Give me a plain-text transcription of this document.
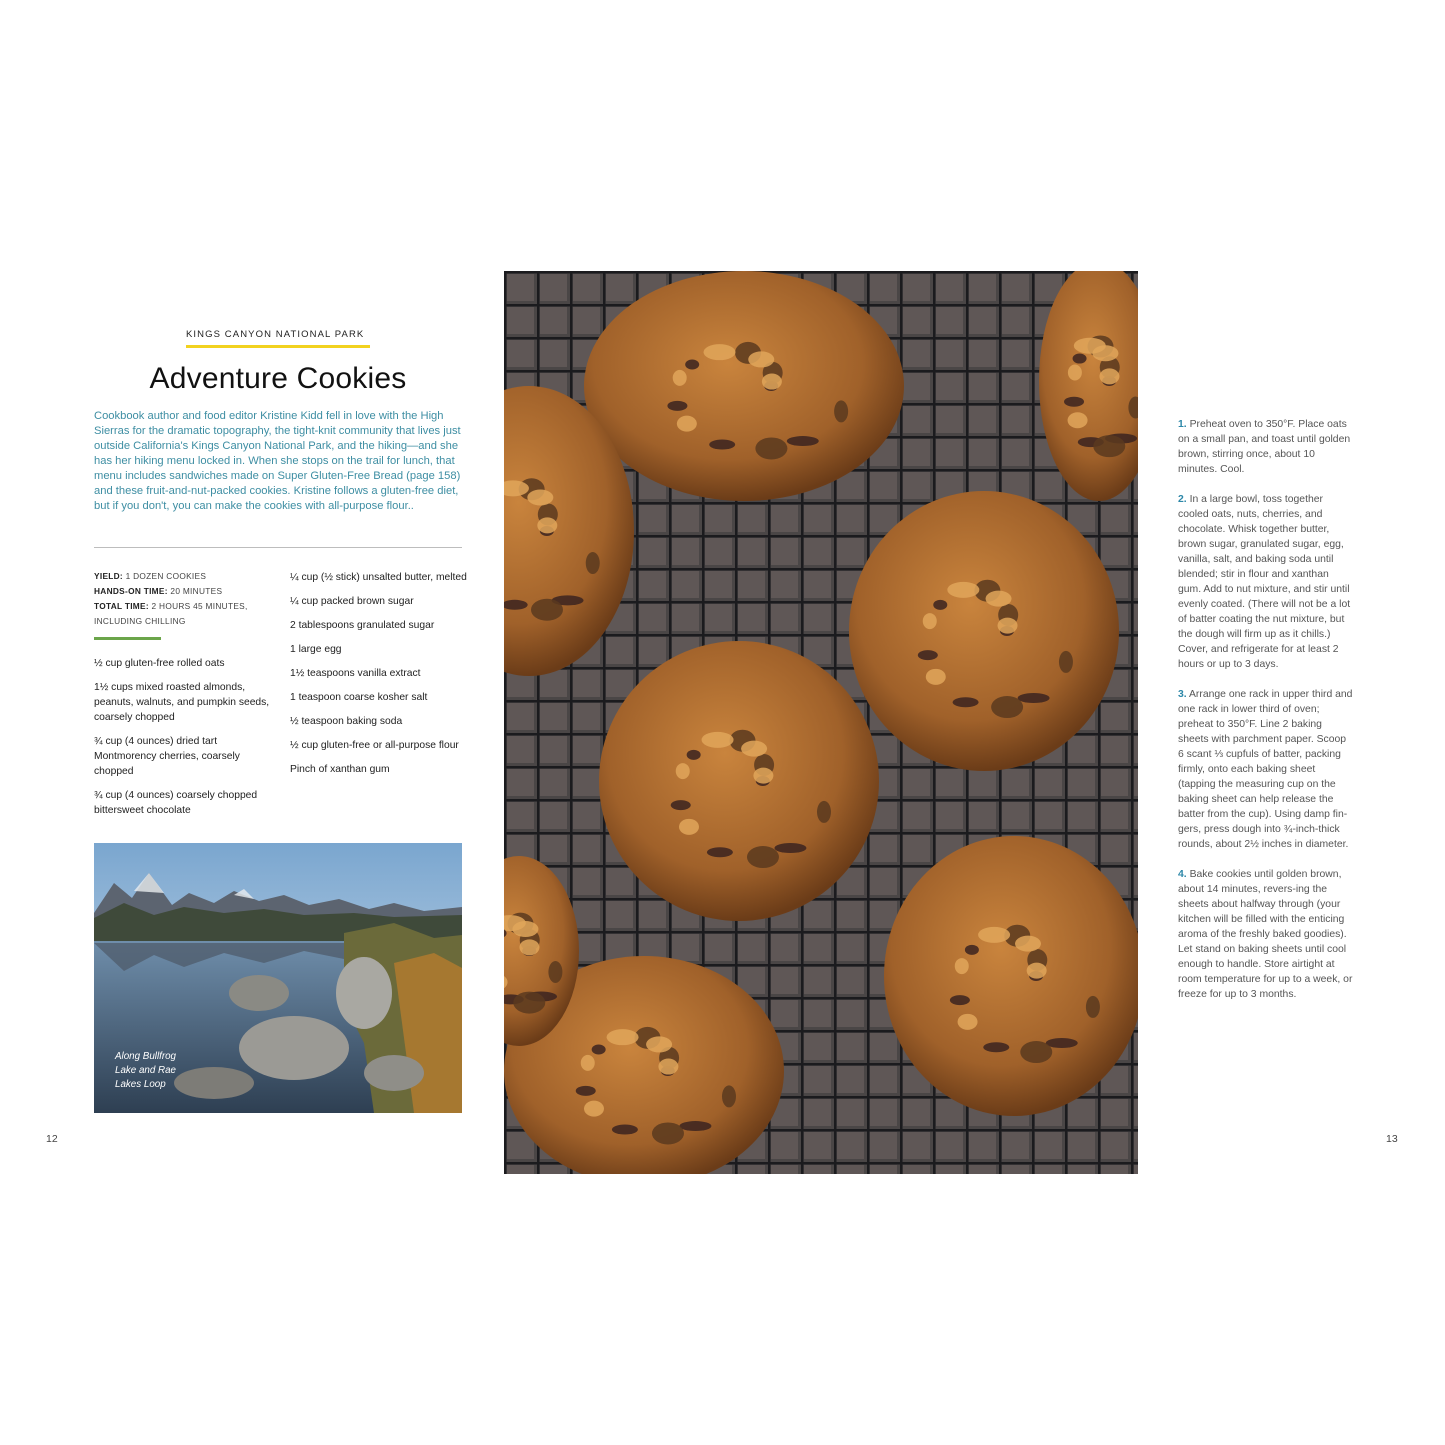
KINGS CANYON NATIONAL PARK
Adventure Cookies

Cookbook author and food editor Kristine Kidd fell in love with the High Sierras for the dramatic topography, the tight-knit community that lives just outside California's Kings Canyon National Park, and the hiking—and she has her hiking menu locked in. When she stops on the trail for lunch, that menu includes sandwiches made on Super Gluten-Free Bread (page 158) and these fruit-and-nut-packed cookies. Kristine follows a gluten-free diet, but if you don't, you can make the cookies with all-purpose flour..

YIELD: 1 DOZEN COOKIES
HANDS-ON TIME: 20 MINUTES
TOTAL TIME: 2 HOURS 45 MINUTES, INCLUDING CHILLING
½ cup gluten-free rolled oats
1½ cups mixed roasted almonds, peanuts, walnuts, and pumpkin seeds, coarsely chopped
¾ cup (4 ounces) dried tart Montmorency cherries, coarsely chopped
¾ cup (4 ounces) coarsely chopped bittersweet chocolate
¼ cup (½ stick) unsalted butter, melted
¼ cup packed brown sugar
2 tablespoons granulated sugar
1 large egg
1½ teaspoons vanilla extract
1 teaspoon coarse kosher salt
½ teaspoon baking soda
½ cup gluten-free or all-purpose flour
Pinch of xanthan gum
Along Bullfrog
Lake and Rae
Lakes Loop
12

1. Preheat oven to 350°F. Place oats on a small pan, and toast until golden brown, stirring once, about 10 minutes. Cool.

2. In a large bowl, toss together cooled oats, nuts, cherries, and chocolate. Whisk together butter, brown sugar, granulated sugar, egg, vanilla, salt, and baking soda until blended; stir in flour and xanthan gum. Add to nut mixture, and stir until evenly coated. (There will not be a lot of batter coating the nut mixture, but the dough will firm up as it chills.) Cover, and refrigerate for at least 2 hours or up to 3 days.

3. Arrange one rack in upper third and one rack in lower third of oven; preheat to 350°F. Line 2 baking sheets with parchment paper. Scoop 6 scant ⅓ cupfuls of batter, packing firmly, onto each baking sheet (tapping the measuring cup on the baking sheet can help release the batter from the cup). Using damp fin-gers, press dough into ¾-inch-thick rounds, about 2½ inches in diameter.

4. Bake cookies until golden brown, about 14 minutes, revers-ing the sheets about halfway through (your kitchen will be filled with the enticing aroma of the freshly baked goodies). Let stand on baking sheets until cool enough to handle. Store airtight at room temperature for up to a week, or freeze for up to 3 months.

13
